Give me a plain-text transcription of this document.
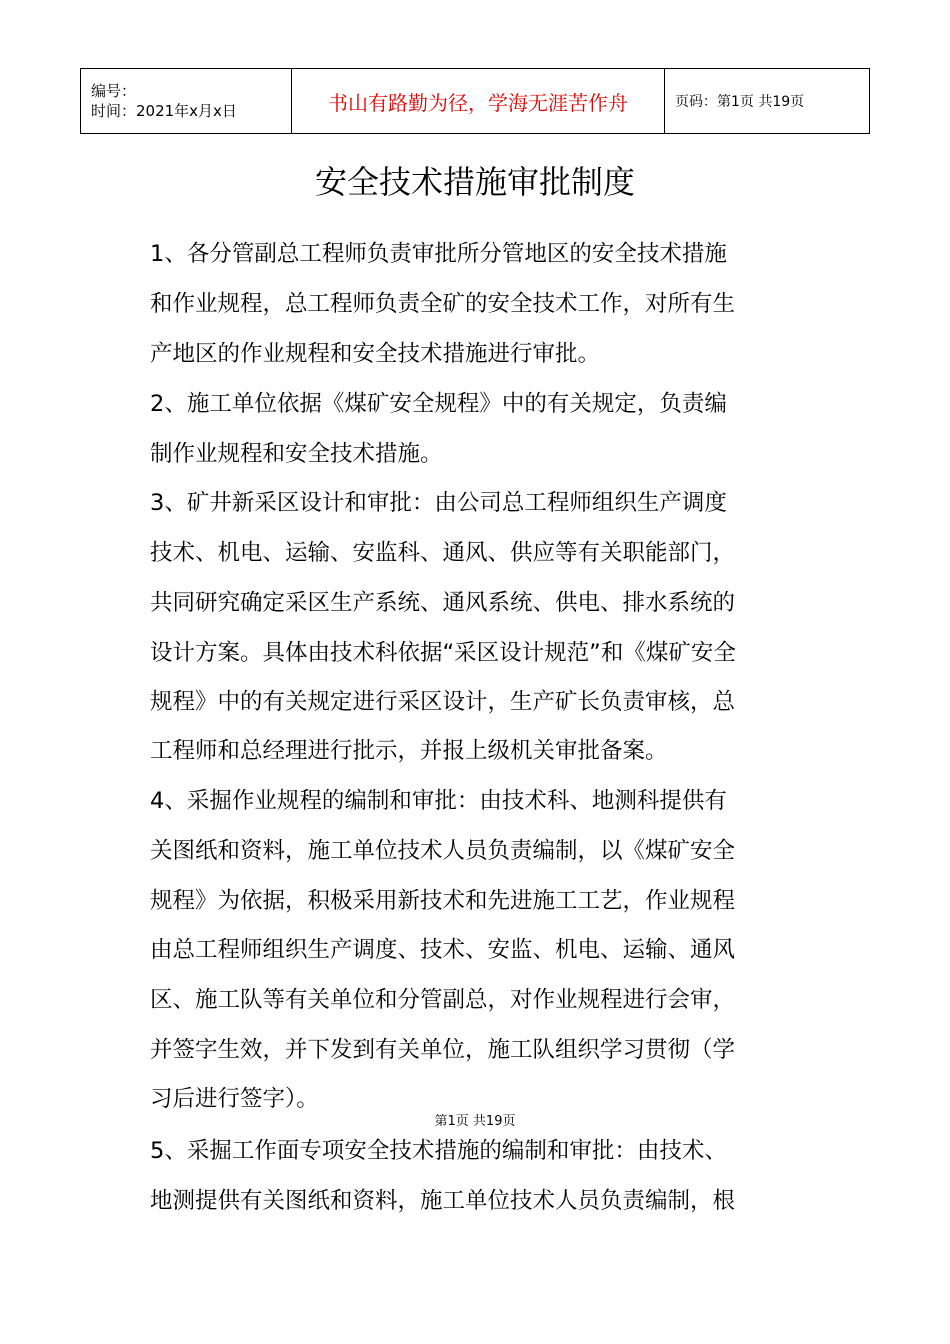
编号：
时间：2021年x月x日	书山有路勤为径，学海无涯苦作舟	页码：第1页 共19页
安全技术措施审批制度
1、各分管副总工程师负责审批所分管地区的安全技术措施
和作业规程，总工程师负责全矿的安全技术工作，对所有生
产地区的作业规程和安全技术措施进行审批。
2、施工单位依据《煤矿安全规程》中的有关规定，负责编
制作业规程和安全技术措施。
3、矿井新采区设计和审批：由公司总工程师组织生产调度
技术、机电、运输、安监科、通风、供应等有关职能部门，
共同研究确定采区生产系统、通风系统、供电、排水系统的
设计方案。具体由技术科依据“采区设计规范”和《煤矿安全
规程》中的有关规定进行采区设计，生产矿长负责审核，总
工程师和总经理进行批示，并报上级机关审批备案。
4、采掘作业规程的编制和审批：由技术科、地测科提供有
关图纸和资料，施工单位技术人员负责编制，以《煤矿安全
规程》为依据，积极采用新技术和先进施工工艺，作业规程
由总工程师组织生产调度、技术、安监、机电、运输、通风
区、施工队等有关单位和分管副总，对作业规程进行会审，
并签字生效，并下发到有关单位，施工队组织学习贯彻（学
习后进行签字）。
第1页 共19页
5、采掘工作面专项安全技术措施的编制和审批：由技术、
地测提供有关图纸和资料，施工单位技术人员负责编制，根
